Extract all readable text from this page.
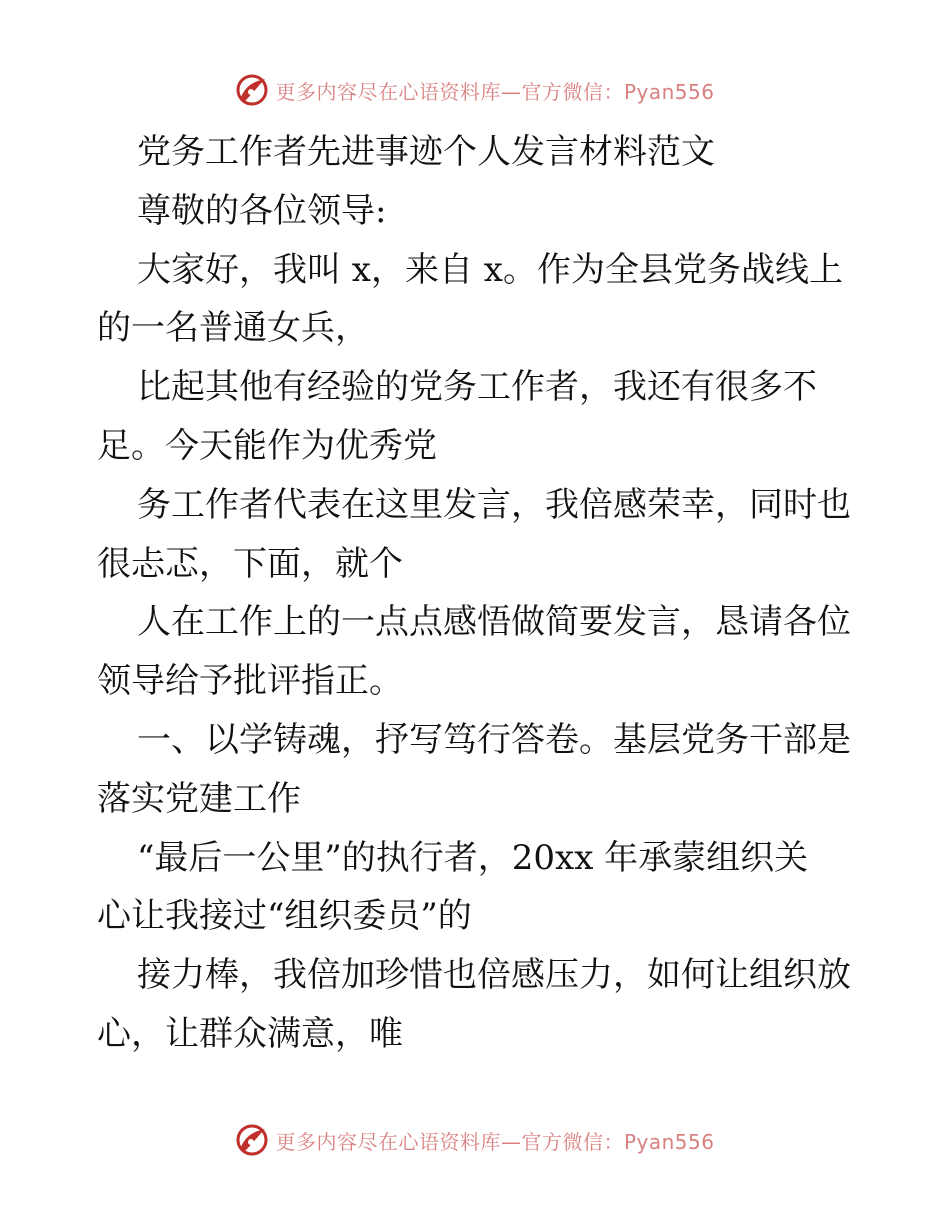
更多内容尽在心语资料库—官方微信：Pyan556
党务工作者先进事迹个人发言材料范文
尊敬的各位领导:
大家好，我叫 x，来自 x。作为全县党务战线上
的一名普通女兵，
比起其他有经验的党务工作者，我还有很多不
足。今天能作为优秀党
务工作者代表在这里发言，我倍感荣幸，同时也
很忐忑，下面，就个
人在工作上的一点点感悟做简要发言，恳请各位
领导给予批评指正。
一、以学铸魂，抒写笃行答卷。基层党务干部是
落实党建工作
“最后一公里”的执行者，20xx 年承蒙组织关
心让我接过“组织委员”的
接力棒，我倍加珍惜也倍感压力，如何让组织放
心，让群众满意，唯
更多内容尽在心语资料库—官方微信：Pyan556
